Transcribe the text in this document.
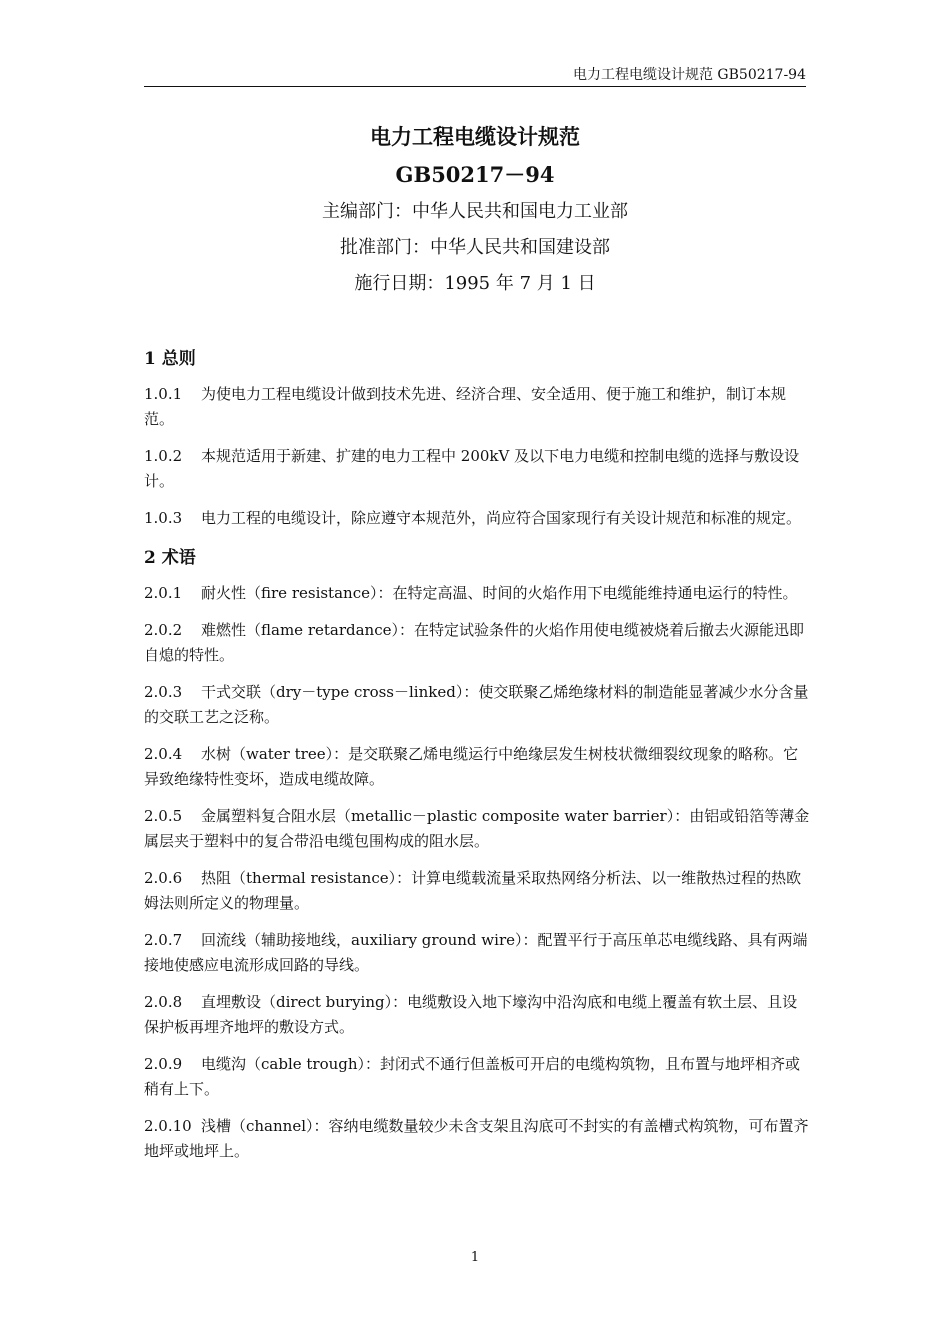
电力工程电缆设计规范 GB50217-94

电力工程电缆设计规范

GB50217－94

主编部门：中华人民共和国电力工业部

批准部门：中华人民共和国建设部

施行日期：1995 年 7 月 1 日

1 总则

1.0.1 为使电力工程电缆设计做到技术先进、经济合理、安全适用、便于施工和维护，制订本规范。

1.0.2 本规范适用于新建、扩建的电力工程中 200kV 及以下电力电缆和控制电缆的选择与敷设设计。

1.0.3 电力工程的电缆设计，除应遵守本规范外，尚应符合国家现行有关设计规范和标准的规定。

2 术语

2.0.1 耐火性（fire resistance）：在特定高温、时间的火焰作用下电缆能维持通电运行的特性。

2.0.2 难燃性（flame retardance）：在特定试验条件的火焰作用使电缆被烧着后撤去火源能迅即自熄的特性。

2.0.3 干式交联（dry－type cross－linked）：使交联聚乙烯绝缘材料的制造能显著减少水分含量的交联工艺之泛称。

2.0.4 水树（water tree）：是交联聚乙烯电缆运行中绝缘层发生树枝状微细裂纹现象的略称。它异致绝缘特性变坏，造成电缆故障。

2.0.5 金属塑料复合阻水层（metallic－plastic composite water barrier）：由铝或铅箔等薄金属层夹于塑料中的复合带沿电缆包围构成的阻水层。

2.0.6 热阻（thermal resistance）：计算电缆载流量采取热网络分析法、以一维散热过程的热欧姆法则所定义的物理量。

2.0.7 回流线（辅助接地线，auxiliary ground wire）：配置平行于高压单芯电缆线路、具有两端接地使感应电流形成回路的导线。

2.0.8 直埋敷设（direct burying）：电缆敷设入地下壕沟中沿沟底和电缆上覆盖有软土层、且设保护板再埋齐地坪的敷设方式。

2.0.9 电缆沟（cable trough）：封闭式不通行但盖板可开启的电缆构筑物，且布置与地坪相齐或稍有上下。

2.0.10 浅槽（channel）：容纳电缆数量较少未含支架且沟底可不封实的有盖槽式构筑物，可布置齐地坪或地坪上。

1
